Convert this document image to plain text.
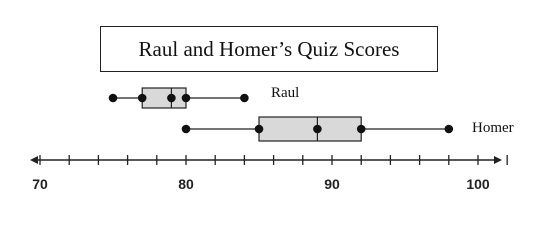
70	80	90	100
Raul and Homer’s Quiz Scores
Raul
Homer
